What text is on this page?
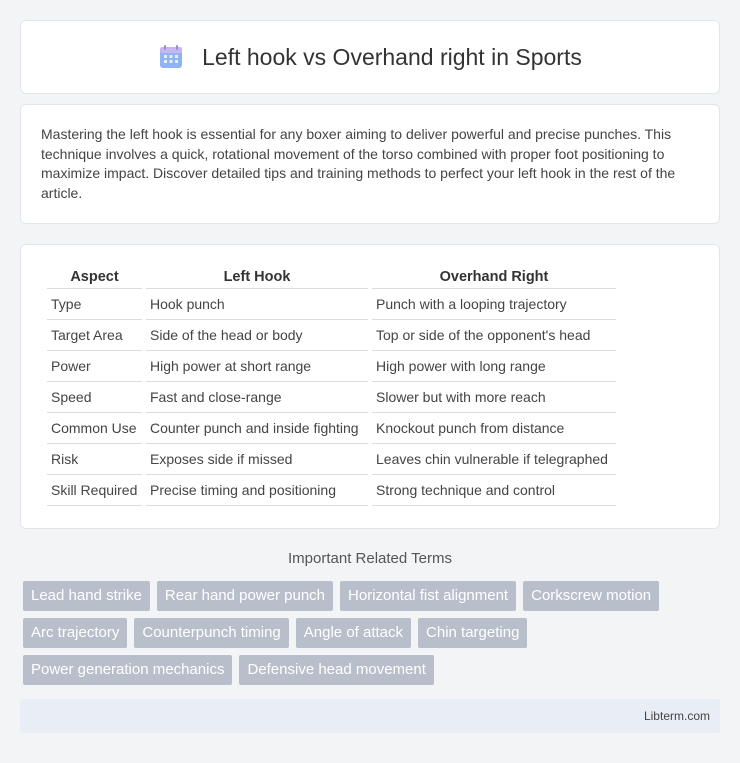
Left hook vs Overhand right in Sports

Mastering the left hook is essential for any boxer aiming to deliver powerful and precise punches. This technique involves a quick, rotational movement of the torso combined with proper foot positioning to maximize impact. Discover detailed tips and training methods to perfect your left hook in the rest of the article.

Aspect	Left Hook	Overhand Right
Type	Hook punch	Punch with a looping trajectory
Target Area	Side of the head or body	Top or side of the opponent's head
Power	High power at short range	High power with long range
Speed	Fast and close-range	Slower but with more reach
Common Use	Counter punch and inside fighting	Knockout punch from distance
Risk	Exposes side if missed	Leaves chin vulnerable if telegraphed
Skill Required	Precise timing and positioning	Strong technique and control
Important Related Terms
Lead hand strike	Rear hand power punch	Horizontal fist alignment	Corkscrew motion
Arc trajectory	Counterpunch timing	Angle of attack	Chin targeting
Power generation mechanics	Defensive head movement
Libterm.com
